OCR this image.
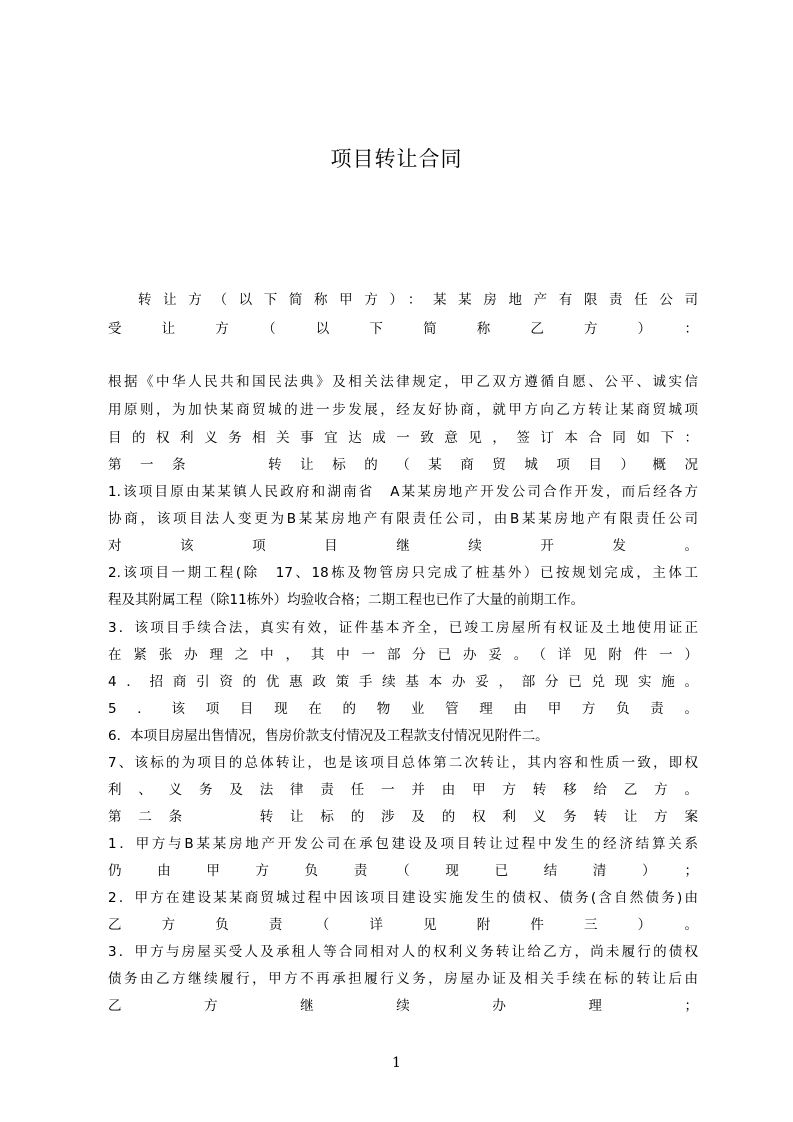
项目转让合同
转让方（以下简称甲方）：某某房地产有限责任公司
受　让　方　（　以　下　简　称　乙　方　）　：
根据《中华人民共和国民法典》及相关法律规定，甲乙双方遵循自愿、公平、诚实信
用原则，为加快某商贸城的进一步发展，经友好协商，就甲方向乙方转让某商贸城项
目的权利义务相关事宜达成一致意见，签订本合同如下：
第一条　　转让标的（某商贸城项目）概况
1.该项目原由某某镇人民政府和湖南省　A某某房地产开发公司合作开发，而后经各方
协商，该项目法人变更为B某某房地产有限责任公司，由B某某房地产有限责任公司
对　该　项　目　继　续　开　发　。
2.该项目一期工程(除　17、18栋及物管房只完成了桩基外）已按规划完成，主体工
程及其附属工程（除11栋外）均验收合格；二期工程也已作了大量的前期工作。
3．该项目手续合法，真实有效，证件基本齐全，已竣工房屋所有权证及土地使用证正
在紧张办理之中，其中一部分已办妥。（详见附件一）
4．招商引资的优惠政策手续基本办妥，部分已兑现实施。
5．该项目现在的物业管理由甲方负责。
6．本项目房屋出售情况，售房价款支付情况及工程款支付情况见附件二。
7、该标的为项目的总体转让，也是该项目总体第二次转让，其内容和性质一致，即权
利、义务及法律责任一并由甲方转移给乙方。
第二条　　转让标的涉及的权利义务转让方案
1．甲方与B某某房地产开发公司在承包建设及项目转让过程中发生的经济结算关系
仍　由　甲　方　负　责　（　现　已　结　清　）　；
2．甲方在建设某某商贸城过程中因该项目建设实施发生的债权、债务(含自然债务)由
乙　方　负　责　（　详　见　附　件　三　）　。
3．甲方与房屋买受人及承租人等合同相对人的权利义务转让给乙方，尚未履行的债权
债务由乙方继续履行，甲方不再承担履行义务，房屋办证及相关手续在标的转让后由
乙　方　继　续　办　理　；
1
